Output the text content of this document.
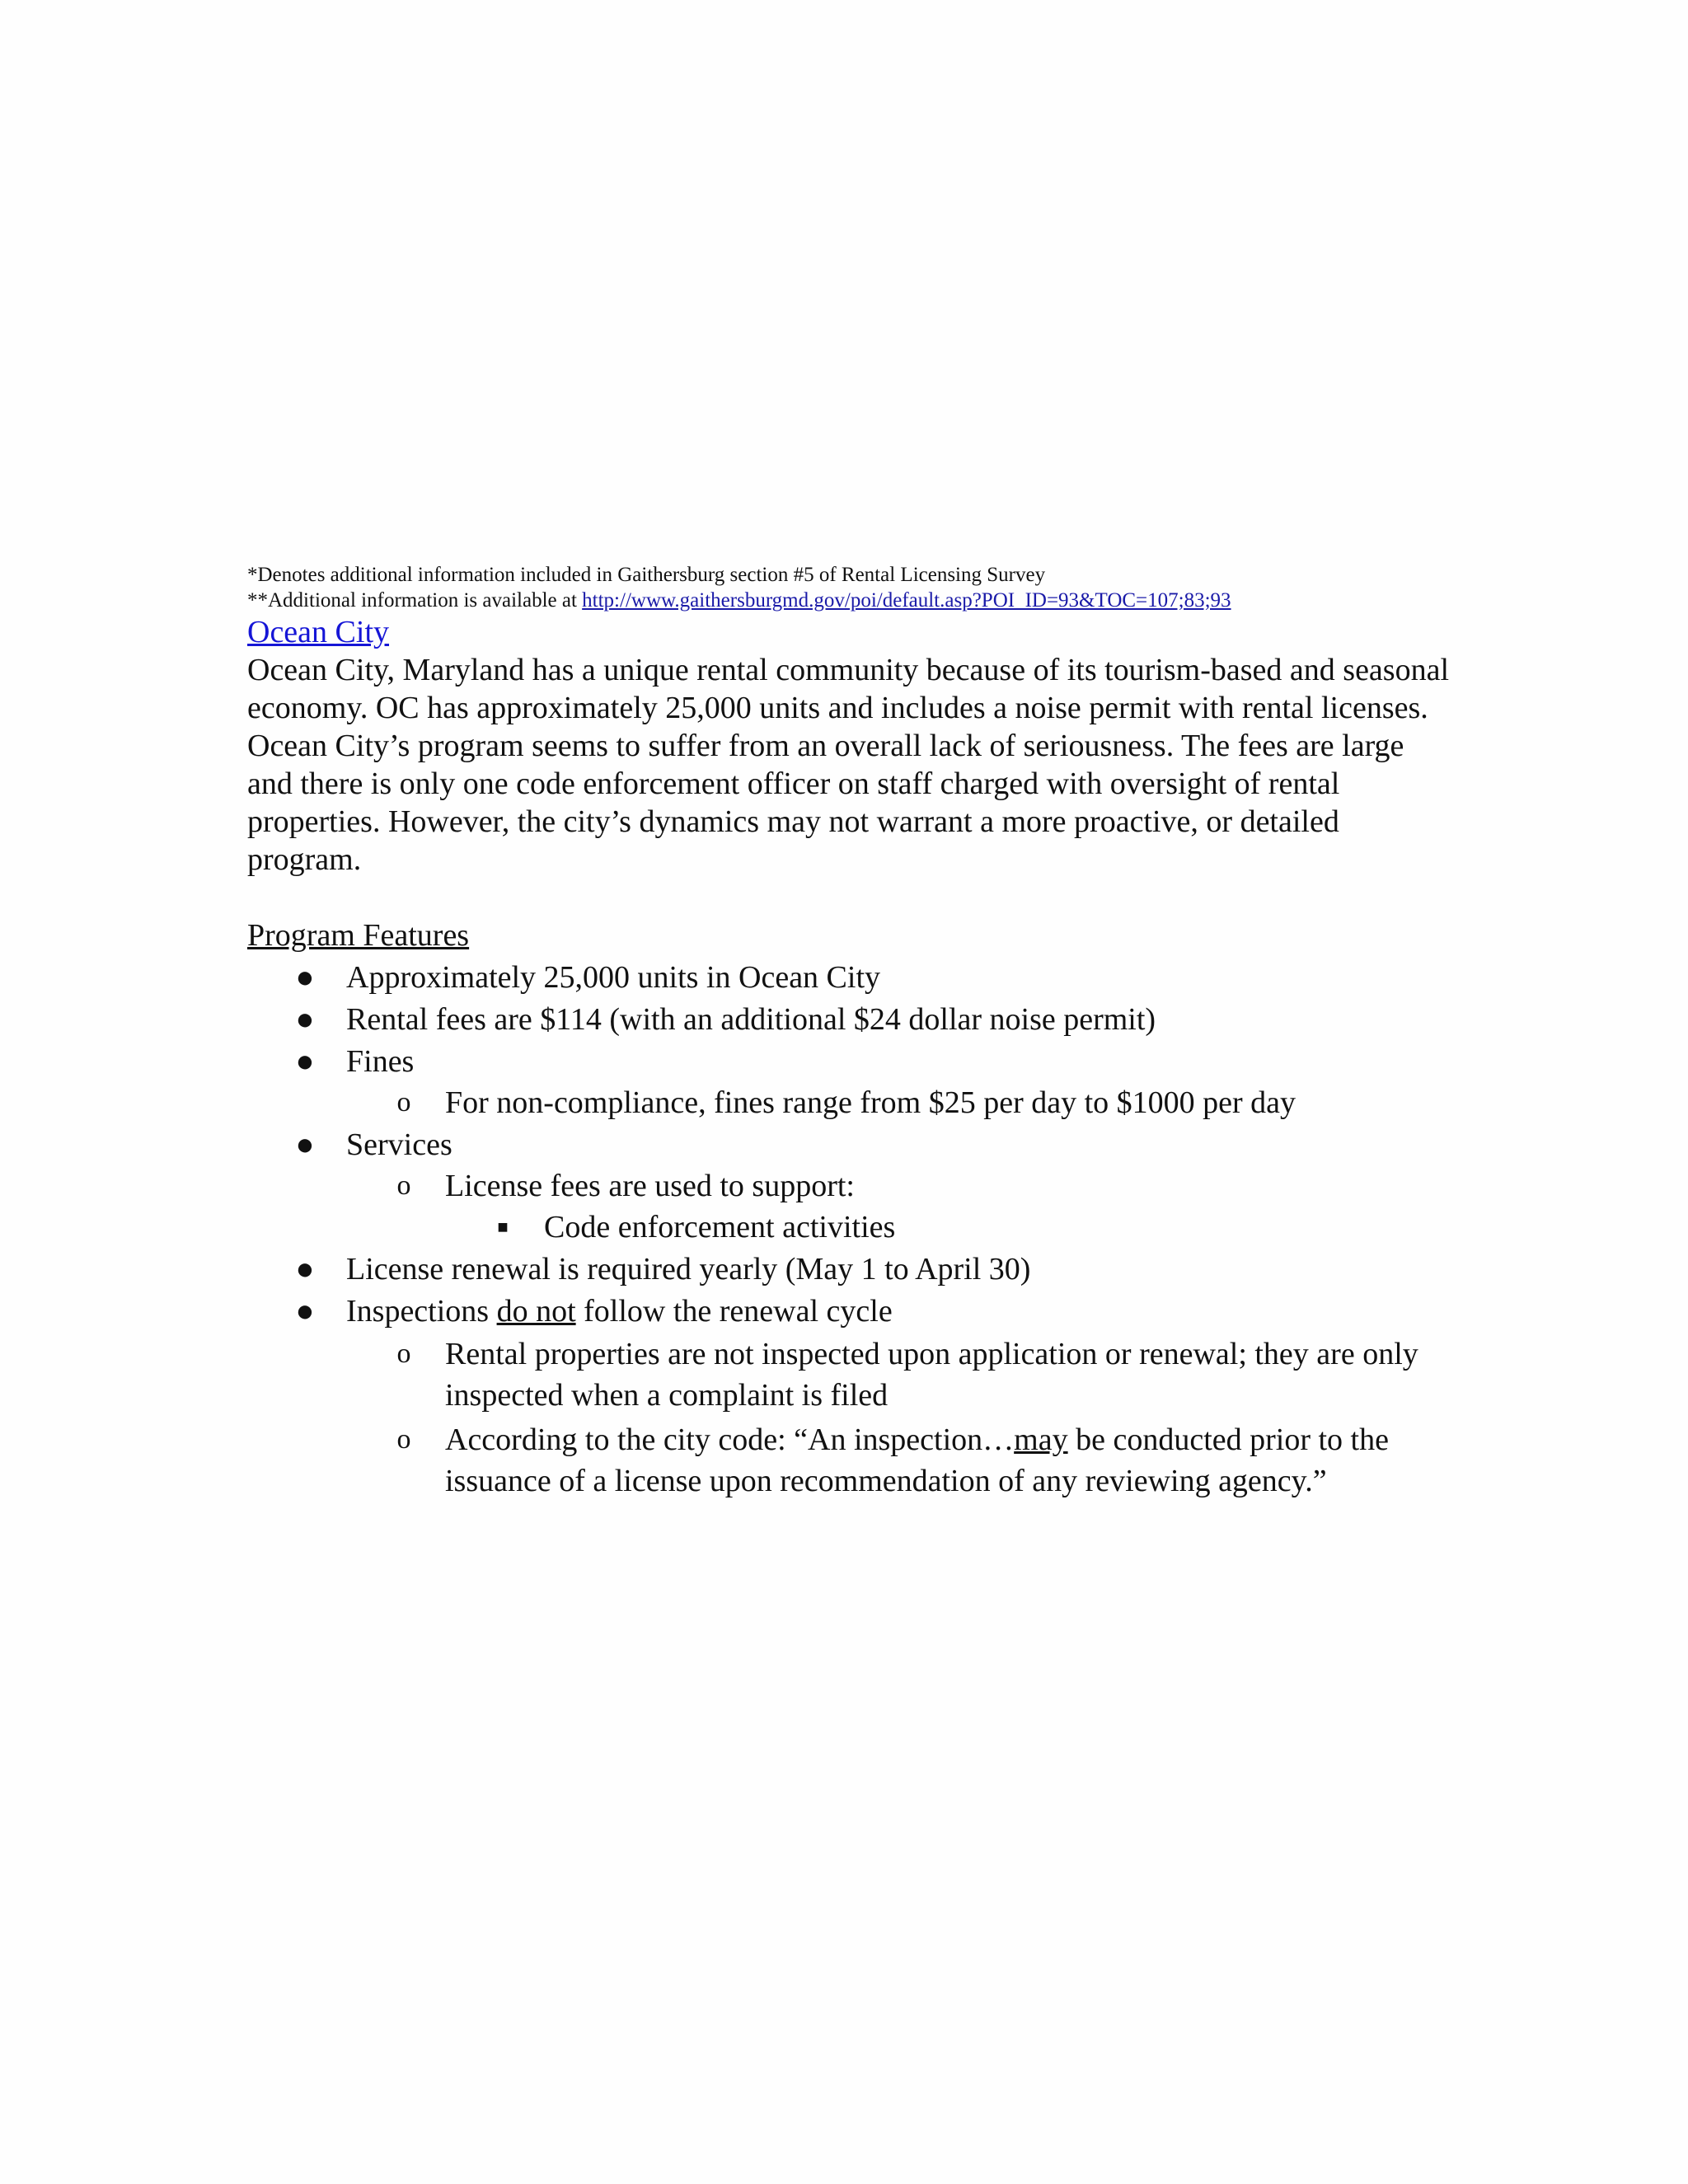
*Denotes additional information included in Gaithersburg section #5 of Rental Licensing Survey
**Additional information is available at http://www.gaithersburgmd.gov/poi/default.asp?POI_ID=93&TOC=107;83;93
Ocean City

Ocean City, Maryland has a unique rental community because of its tourism-based and seasonal economy. OC has approximately 25,000 units and includes a noise permit with rental licenses. Ocean City’s program seems to suffer from an overall lack of seriousness. The fees are large and there is only one code enforcement officer on staff charged with oversight of rental properties. However, the city’s dynamics may not warrant a more proactive, or detailed program.

Program Features
● Approximately 25,000 units in Ocean City
● Rental fees are $114 (with an additional $24 dollar noise permit)
● Fines
o	For non-compliance, fines range from $25 per day to $1000 per day
● Services
o	License fees are used to support:
■	Code enforcement activities
● License renewal is required yearly (May 1 to April 30)
● Inspections do not follow the renewal cycle
o	Rental properties are not inspected upon application or renewal; they are only inspected when a complaint is filed
o	According to the city code: “An inspection…may be conducted prior to the issuance of a license upon recommendation of any reviewing agency.”
